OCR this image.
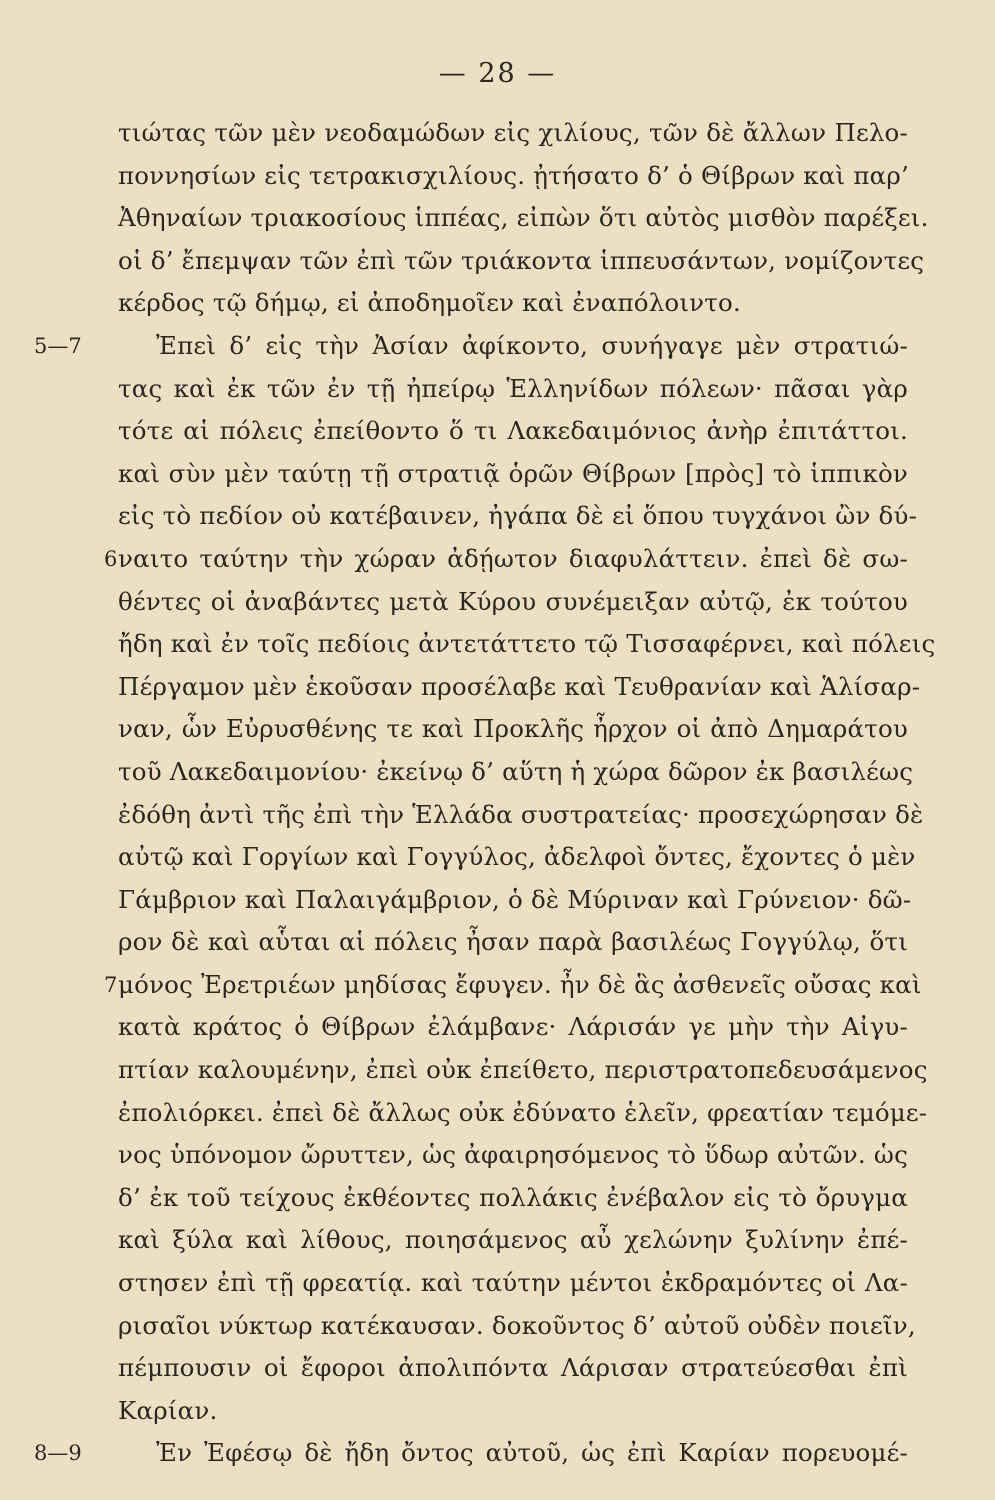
— 28 —
τιώτας τῶν μὲν νεοδαμώδων εἰς χιλίους, τῶν δὲ ἄλλων Πελο-
ποννησίων εἰς τετρακισχιλίους. ᾐτήσατο δ’ ὁ Θίβρων καὶ παρ’
Ἀθηναίων τριακοσίους ἱππέας, εἰπὼν ὅτι αὐτὸς μισθὸν παρέξει.
οἱ δ’ ἔπεμψαν τῶν ἐπὶ τῶν τριάκοντα ἱππευσάντων, νομίζοντες
κέρδος τῷ δήμῳ, εἰ ἀποδημοῖεν καὶ ἐναπόλοιντο.
5—7	Ἐπεὶ δ’ εἰς τὴν Ἀσίαν ἀφίκοντο, συνήγαγε μὲν στρατιώ-
τας καὶ ἐκ τῶν ἐν τῇ ἠπείρῳ Ἑλληνίδων πόλεων· πᾶσαι γὰρ
τότε αἱ πόλεις ἐπείθοντο ὅ τι Λακεδαιμόνιος ἀνὴρ ἐπιτάττοι.
καὶ σὺν μὲν ταύτῃ τῇ στρατιᾷ ὁρῶν Θίβρων [πρὸς] τὸ ἱππικὸν
εἰς τὸ πεδίον οὐ κατέβαινεν, ἠγάπα δὲ εἰ ὅπου τυγχάνοι ὢν δύ-
6 ναιτο ταύτην τὴν χώραν ἀδῄωτον διαφυλάττειν. ἐπεὶ δὲ σω-
θέντες οἱ ἀναβάντες μετὰ Κύρου συνέμειξαν αὐτῷ, ἐκ τούτου
ἤδη καὶ ἐν τοῖς πεδίοις ἀντετάττετο τῷ Τισσαφέρνει, καὶ πόλεις
Πέργαμον μὲν ἑκοῦσαν προσέλαβε καὶ Τευθρανίαν καὶ Ἁλίσαρ-
ναν, ὧν Εὐρυσθένης τε καὶ Προκλῆς ἦρχον οἱ ἀπὸ Δημαράτου
τοῦ Λακεδαιμονίου· ἐκείνῳ δ’ αὕτη ἡ χώρα δῶρον ἐκ βασιλέως
ἐδόθη ἀντὶ τῆς ἐπὶ τὴν Ἑλλάδα συστρατείας· προσεχώρησαν δὲ
αὐτῷ καὶ Γοργίων καὶ Γογγύλος, ἀδελφοὶ ὄντες, ἔχοντες ὁ μὲν
Γάμβριον καὶ Παλαιγάμβριον, ὁ δὲ Μύριναν καὶ Γρύνειον· δῶ-
ρον δὲ καὶ αὗται αἱ πόλεις ἦσαν παρὰ βασιλέως Γογγύλῳ, ὅτι
7 μόνος Ἐρετριέων μηδίσας ἔφυγεν. ἦν δὲ ἃς ἀσθενεῖς οὔσας καὶ
κατὰ κράτος ὁ Θίβρων ἐλάμβανε· Λάρισάν γε μὴν τὴν Αἰγυ-
πτίαν καλουμένην, ἐπεὶ οὐκ ἐπείθετο, περιστρατοπεδευσάμενος
ἐπολιόρκει. ἐπεὶ δὲ ἄλλως οὐκ ἐδύνατο ἑλεῖν, φρεατίαν τεμόμε-
νος ὑπόνομον ὤρυττεν, ὡς ἀφαιρησόμενος τὸ ὕδωρ αὐτῶν. ὡς
δ’ ἐκ τοῦ τείχους ἐκθέοντες πολλάκις ἐνέβαλον εἰς τὸ ὄρυγμα
καὶ ξύλα καὶ λίθους, ποιησάμενος αὖ χελώνην ξυλίνην ἐπέ-
στησεν ἐπὶ τῇ φρεατίᾳ. καὶ ταύτην μέντοι ἐκδραμόντες οἱ Λα-
ρισαῖοι νύκτωρ κατέκαυσαν. δοκοῦντος δ’ αὐτοῦ οὐδὲν ποιεῖν,
πέμπουσιν οἱ ἔφοροι ἀπολιπόντα Λάρισαν στρατεύεσθαι ἐπὶ
Καρίαν.
8—9	Ἐν Ἐφέσῳ δὲ ἤδη ὄντος αὐτοῦ, ὡς ἐπὶ Καρίαν πορευομέ-
